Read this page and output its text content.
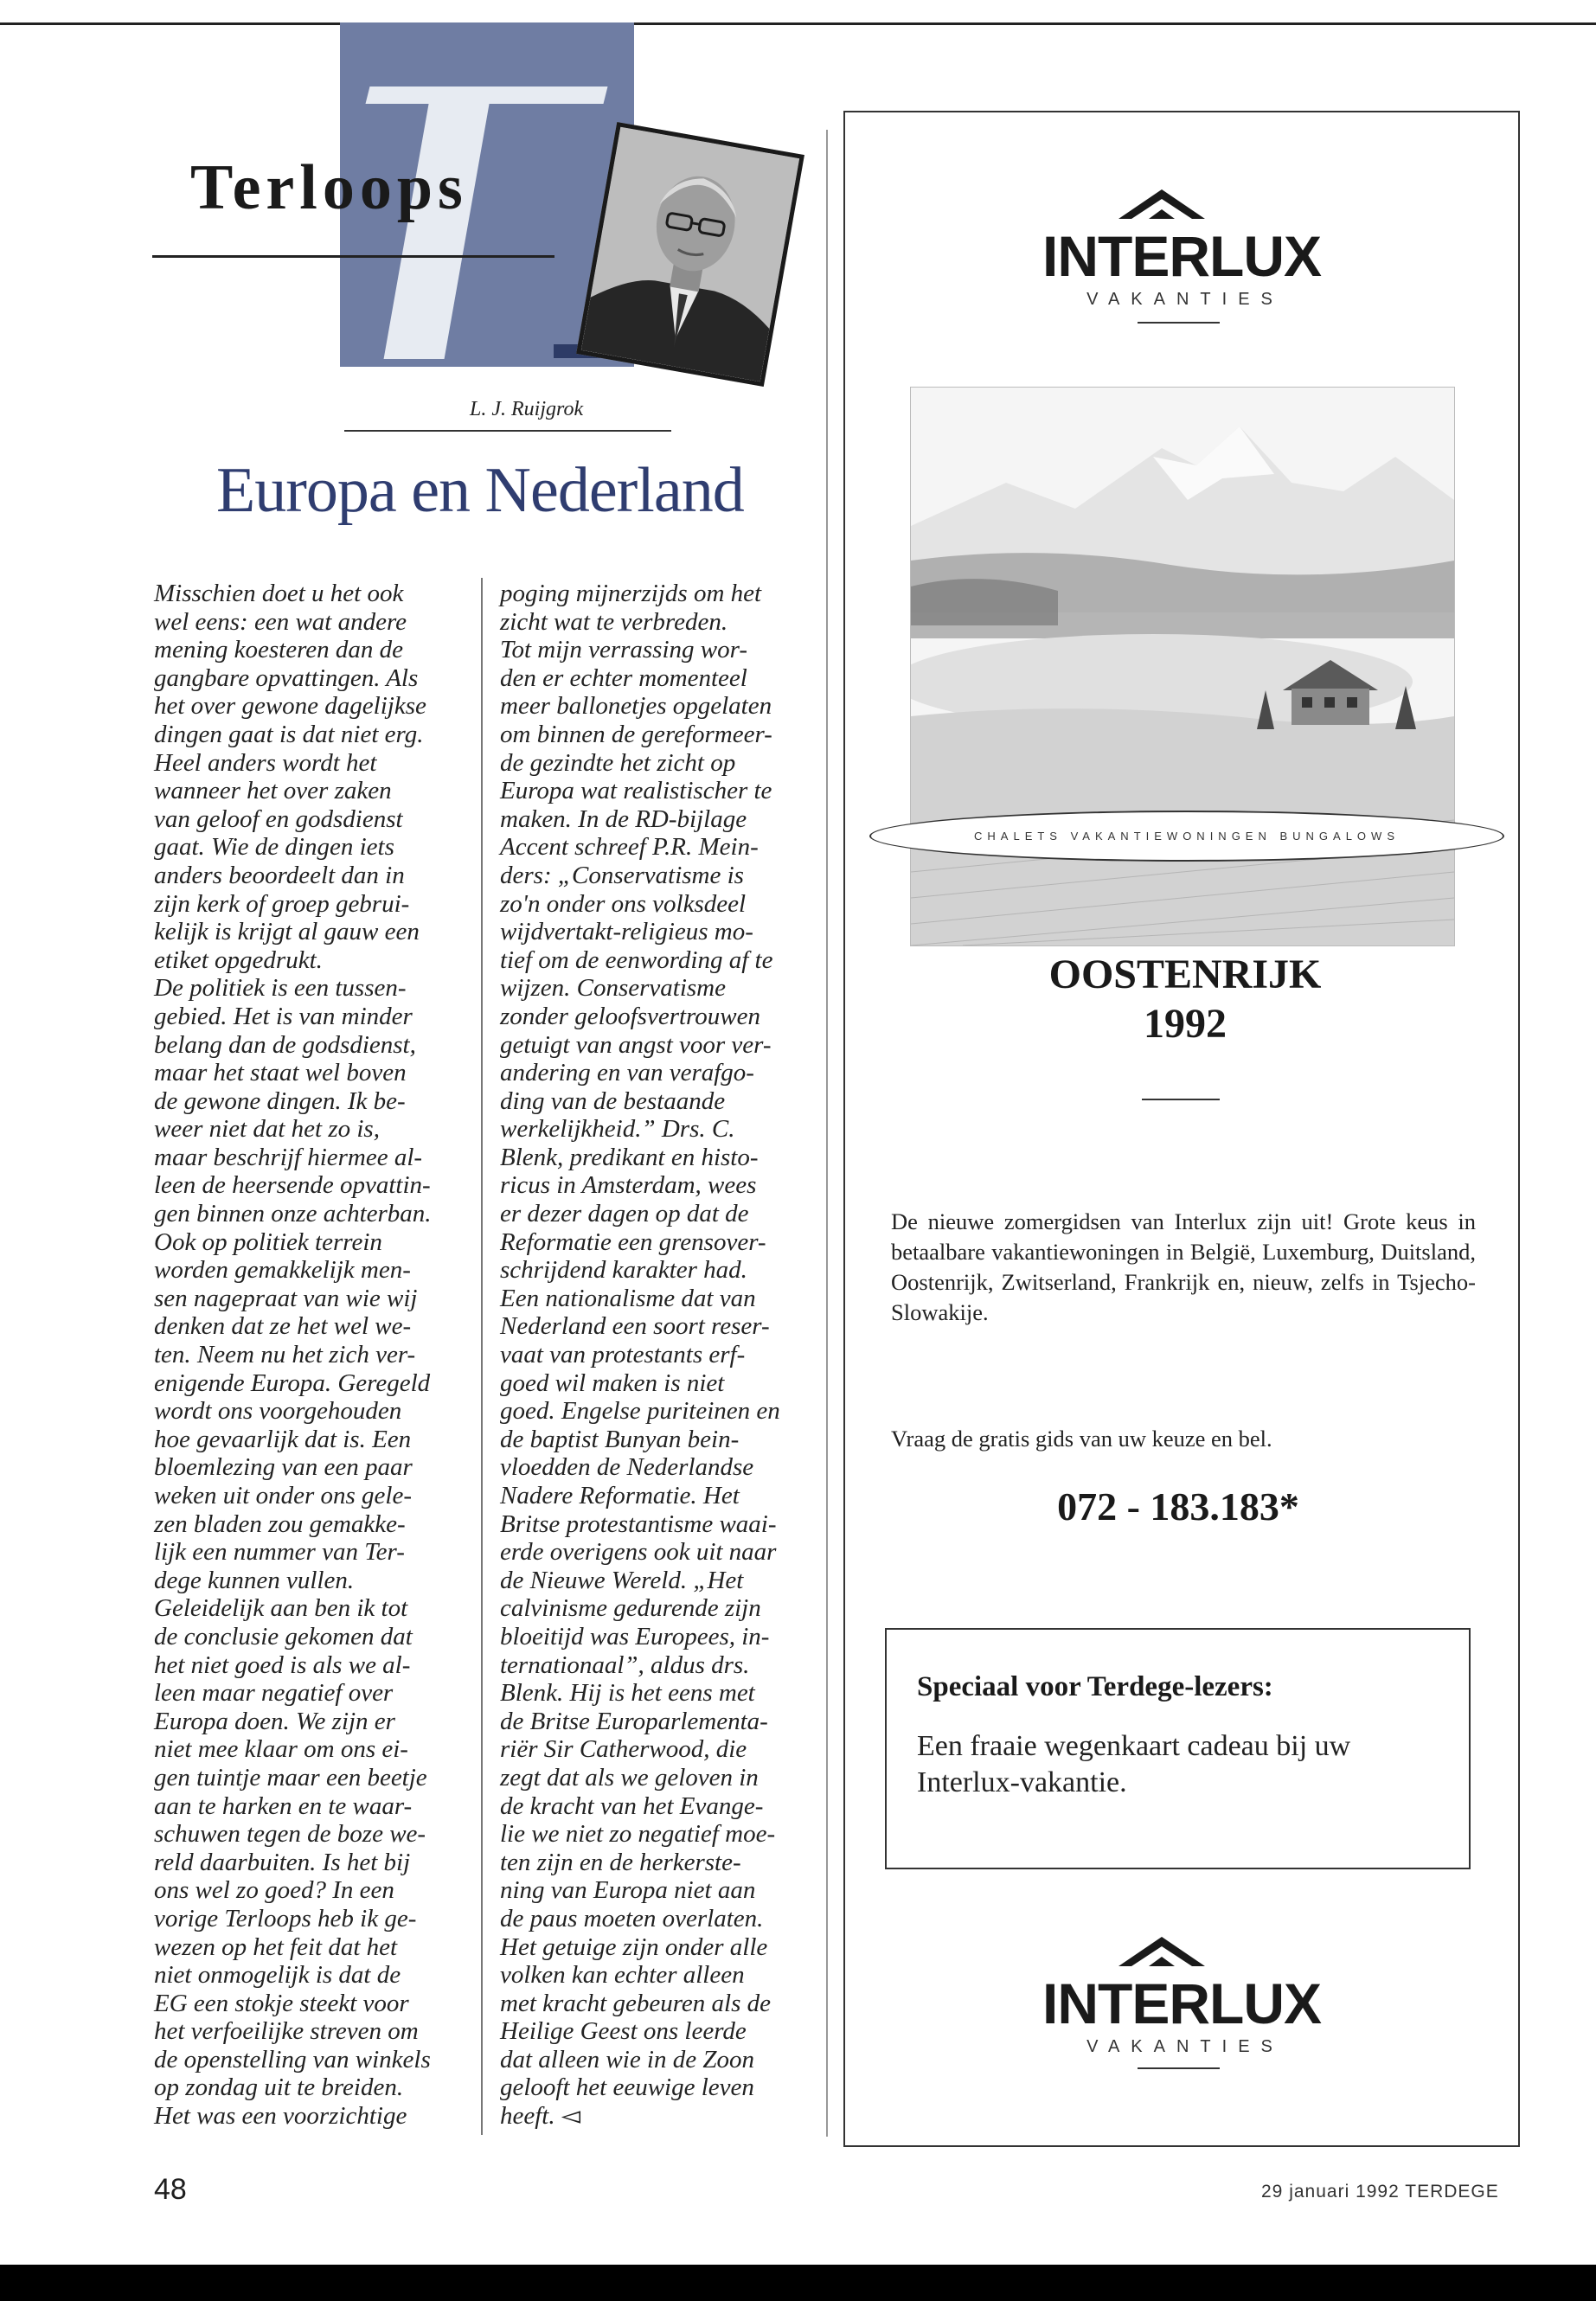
Terloops
L. J. Ruijgrok
Europa en Nederland
Misschien doet u het ook
wel eens: een wat andere
mening koesteren dan de
gangbare opvattingen. Als
het over gewone dagelijkse
dingen gaat is dat niet erg.
Heel anders wordt het
wanneer het over zaken
van geloof en godsdienst
gaat. Wie de dingen iets
anders beoordeelt dan in
zijn kerk of groep gebrui-
kelijk is krijgt al gauw een
etiket opgedrukt.
De politiek is een tussen-
gebied. Het is van minder
belang dan de godsdienst,
maar het staat wel boven
de gewone dingen. Ik be-
weer niet dat het zo is,
maar beschrijf hiermee al-
leen de heersende opvattin-
gen binnen onze achterban.
Ook op politiek terrein
worden gemakkelijk men-
sen nagepraat van wie wij
denken dat ze het wel we-
ten. Neem nu het zich ver-
enigende Europa. Geregeld
wordt ons voorgehouden
hoe gevaarlijk dat is. Een
bloemlezing van een paar
weken uit onder ons gele-
zen bladen zou gemakke-
lijk een nummer van Ter-
dege kunnen vullen.
Geleidelijk aan ben ik tot
de conclusie gekomen dat
het niet goed is als we al-
leen maar negatief over
Europa doen. We zijn er
niet mee klaar om ons ei-
gen tuintje maar een beetje
aan te harken en te waar-
schuwen tegen de boze we-
reld daarbuiten. Is het bij
ons wel zo goed? In een
vorige Terloops heb ik ge-
wezen op het feit dat het
niet onmogelijk is dat de
EG een stokje steekt voor
het verfoeilijke streven om
de openstelling van winkels
op zondag uit te breiden.
Het was een voorzichtige
poging mijnerzijds om het
zicht wat te verbreden.
Tot mijn verrassing wor-
den er echter momenteel
meer ballonetjes opgelaten
om binnen de gereformeer-
de gezindte het zicht op
Europa wat realistischer te
maken. In de RD-bijlage
Accent schreef P.R. Mein-
ders: „Conservatisme is
zo'n onder ons volksdeel
wijdvertakt-religieus mo-
tief om de eenwording af te
wijzen. Conservatisme
zonder geloofsvertrouwen
getuigt van angst voor ver-
andering en van verafgo-
ding van de bestaande
werkelijkheid.” Drs. C.
Blenk, predikant en histo-
ricus in Amsterdam, wees
er dezer dagen op dat de
Reformatie een grensover-
schrijdend karakter had.
Een nationalisme dat van
Nederland een soort reser-
vaat van protestants erf-
goed wil maken is niet
goed. Engelse puriteinen en
de baptist Bunyan bein-
vloedden de Nederlandse
Nadere Reformatie. Het
Britse protestantisme waai-
erde overigens ook uit naar
de Nieuwe Wereld. „Het
calvinisme gedurende zijn
bloeitijd was Europees, in-
ternationaal”, aldus drs.
Blenk. Hij is het eens met
de Britse Europarlementa-
riër Sir Catherwood, die
zegt dat als we geloven in
de kracht van het Evange-
lie we niet zo negatief moe-
ten zijn en de herkerste-
ning van Europa niet aan
de paus moeten overlaten.
Het getuige zijn onder alle
volken kan echter alleen
met kracht gebeuren als de
Heilige Geest ons leerde
dat alleen wie in de Zoon
gelooft het eeuwige leven
heeft. ◅
48	29 januari 1992 TERDEGE
INTERLUX
VAKANTIES
CHALETS VAKANTIEWONINGEN BUNGALOWS
OOSTENRIJK
1992
De nieuwe zomergidsen van Interlux zijn uit! Grote keus in betaalbare vakantiewoningen in België, Luxemburg, Duitsland, Oostenrijk, Zwitserland, Frankrijk en, nieuw, zelfs in Tsjecho-Slowakije.
Vraag de gratis gids van uw keuze en bel.
072 - 183.183*
Speciaal voor Terdege-lezers:
Een fraaie wegenkaart cadeau bij uw Interlux-vakantie.
INTERLUX
VAKANTIES
